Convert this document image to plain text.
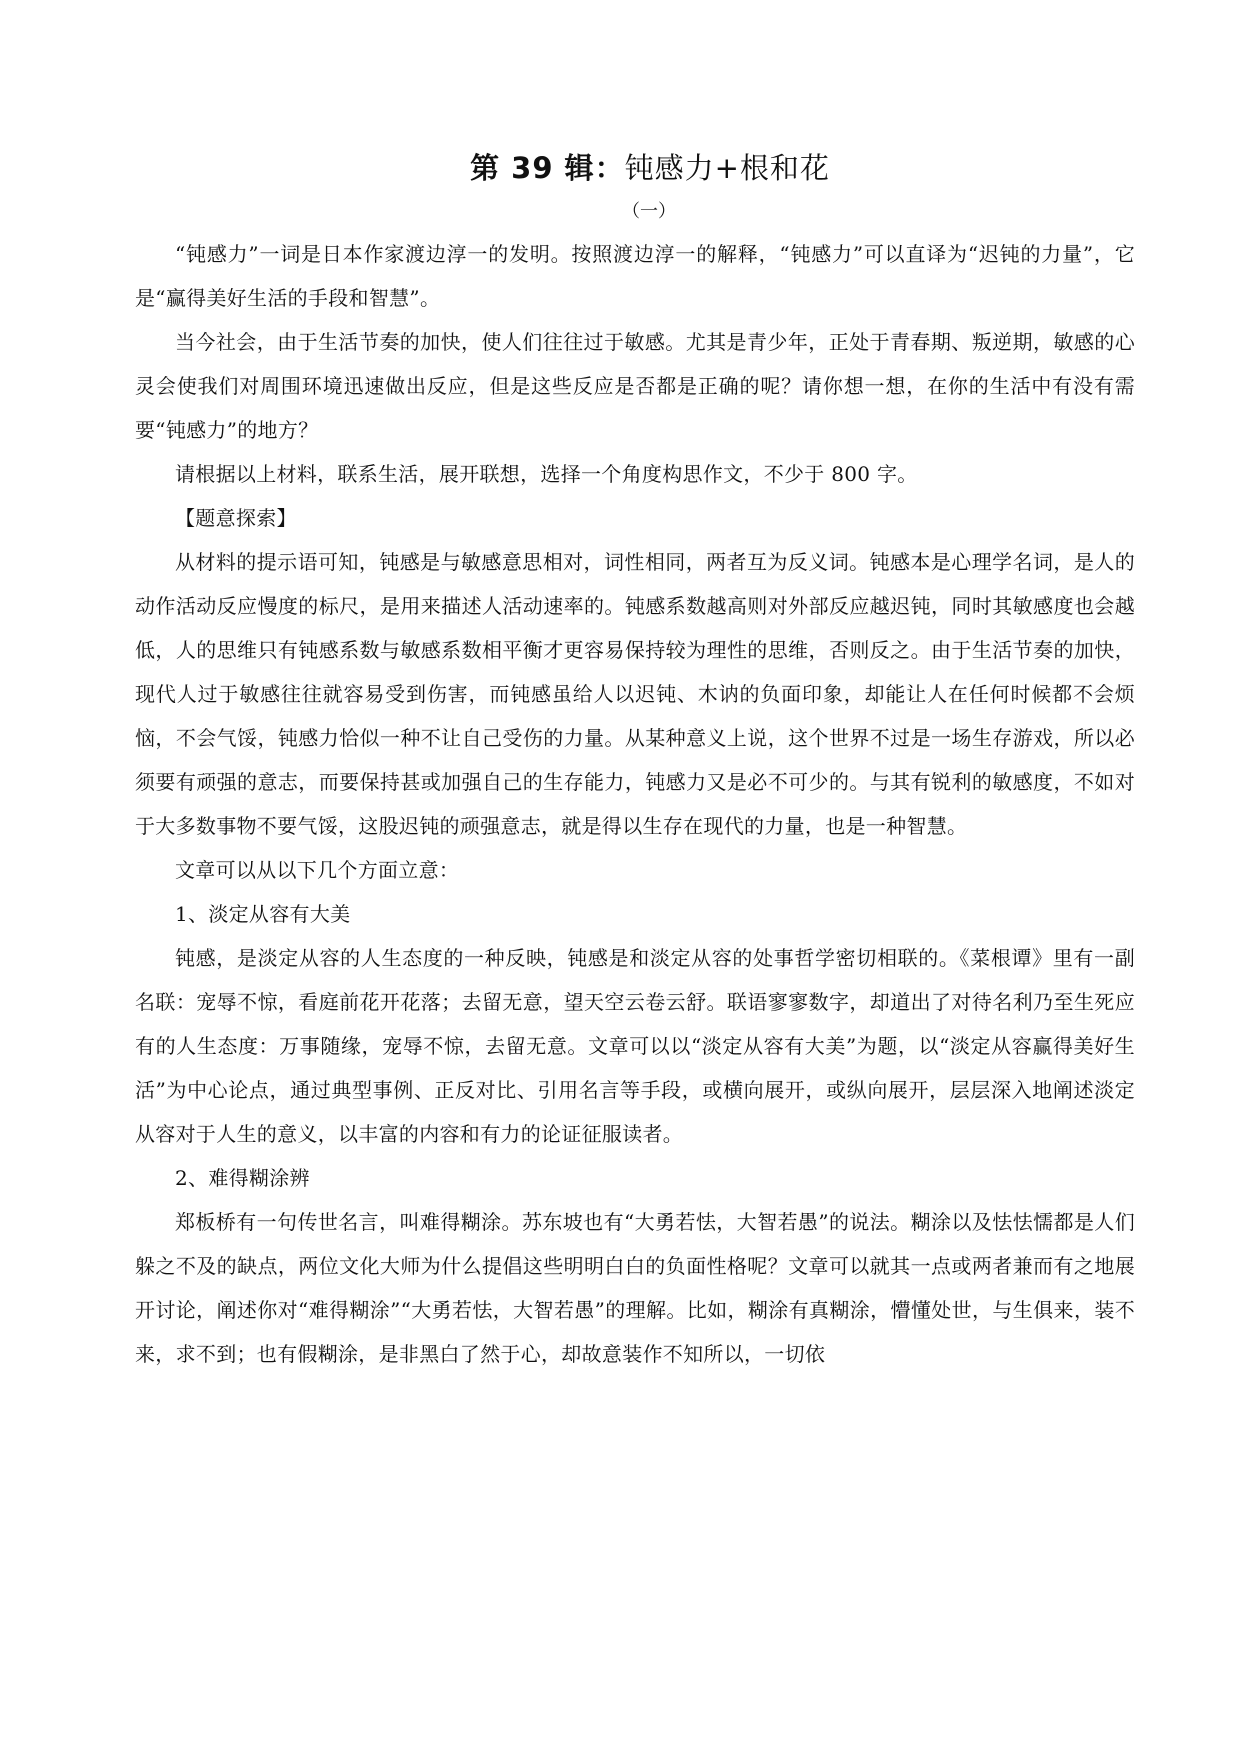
第 39 辑：钝感力+根和花
（一）

“钝感力”一词是日本作家渡边淳一的发明。按照渡边淳一的解释，“钝感力”可以直译为“迟钝的力量”，它是“赢得美好生活的手段和智慧”。

当今社会，由于生活节奏的加快，使人们往往过于敏感。尤其是青少年，正处于青春期、叛逆期，敏感的心灵会使我们对周围环境迅速做出反应，但是这些反应是否都是正确的呢？请你想一想，在你的生活中有没有需要“钝感力”的地方？

请根据以上材料，联系生活，展开联想，选择一个角度构思作文，不少于 800 字。

【题意探索】

从材料的提示语可知，钝感是与敏感意思相对，词性相同，两者互为反义词。钝感本是心理学名词，是人的动作活动反应慢度的标尺，是用来描述人活动速率的。钝感系数越高则对外部反应越迟钝，同时其敏感度也会越低，人的思维只有钝感系数与敏感系数相平衡才更容易保持较为理性的思维，否则反之。由于生活节奏的加快，现代人过于敏感往往就容易受到伤害，而钝感虽给人以迟钝、木讷的负面印象，却能让人在任何时候都不会烦恼，不会气馁，钝感力恰似一种不让自己受伤的力量。从某种意义上说，这个世界不过是一场生存游戏，所以必须要有顽强的意志，而要保持甚或加强自己的生存能力，钝感力又是必不可少的。与其有锐利的敏感度，不如对于大多数事物不要气馁，这股迟钝的顽强意志，就是得以生存在现代的力量，也是一种智慧。

文章可以从以下几个方面立意：

1、淡定从容有大美

钝感，是淡定从容的人生态度的一种反映，钝感是和淡定从容的处事哲学密切相联的。《菜根谭》里有一副名联：宠辱不惊，看庭前花开花落；去留无意，望天空云卷云舒。联语寥寥数字，却道出了对待名利乃至生死应有的人生态度：万事随缘，宠辱不惊，去留无意。文章可以以“淡定从容有大美”为题，以“淡定从容赢得美好生活”为中心论点，通过典型事例、正反对比、引用名言等手段，或横向展开，或纵向展开，层层深入地阐述淡定从容对于人生的意义，以丰富的内容和有力的论证征服读者。

2、难得糊涂辨

郑板桥有一句传世名言，叫难得糊涂。苏东坡也有“大勇若怯，大智若愚”的说法。糊涂以及怯怯懦都是人们躲之不及的缺点，两位文化大师为什么提倡这些明明白白的负面性格呢？文章可以就其一点或两者兼而有之地展开讨论，阐述你对“难得糊涂”“大勇若怯，大智若愚”的理解。比如，糊涂有真糊涂，懵懂处世，与生俱来，装不来，求不到；也有假糊涂，是非黑白了然于心，却故意装作不知所以，一切依
